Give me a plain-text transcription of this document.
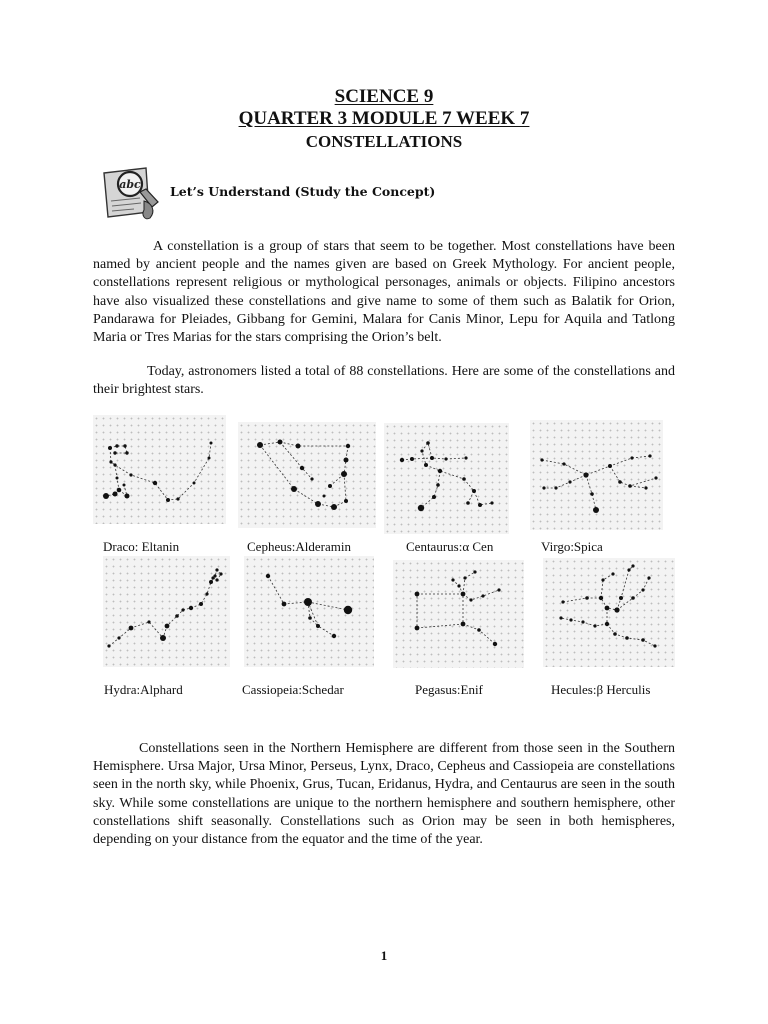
SCIENCE 9
QUARTER 3 MODULE 7 WEEK 7
CONSTELLATIONS
abc Let’s Understand (Study the Concept)

A constellation is a group of stars that seem to be together. Most constellations have been named by ancient people and the names given are based on Greek Mythology. For ancient people, constellations represent religious or mythological personages, animals or objects. Filipino ancestors have also visualized these constellations and give name to some of them such as Balatik for Orion, Pandarawa for Pleiades, Gibbang for Gemini, Malara for Canis Minor, Lepu for Aquila and Tatlong Maria or Tres Marias for the stars comprising the Orion’s belt.

Today, astronomers listed a total of 88 constellations. Here are some of the constellations and their brightest stars.

Draco: Eltanin	Cepheus:Alderamin	Centaurus:α Cen	Virgo:Spica
Hydra:Alphard	Cassiopeia:Schedar	Pegasus:Enif	Hecules:β Herculis

Constellations seen in the Northern Hemisphere are different from those seen in the Southern Hemisphere. Ursa Major, Ursa Minor, Perseus, Lynx, Draco, Cepheus and Cassiopeia are constellations seen in the north sky, while Phoenix, Grus, Tucan, Eridanus, Hydra, and Centaurus are seen in the south sky. While some constellations are unique to the northern hemisphere and southern hemisphere, other constellations shift seasonally. Constellations such as Orion may be seen in both hemispheres, depending on your distance from the equator and the time of the year.

1
